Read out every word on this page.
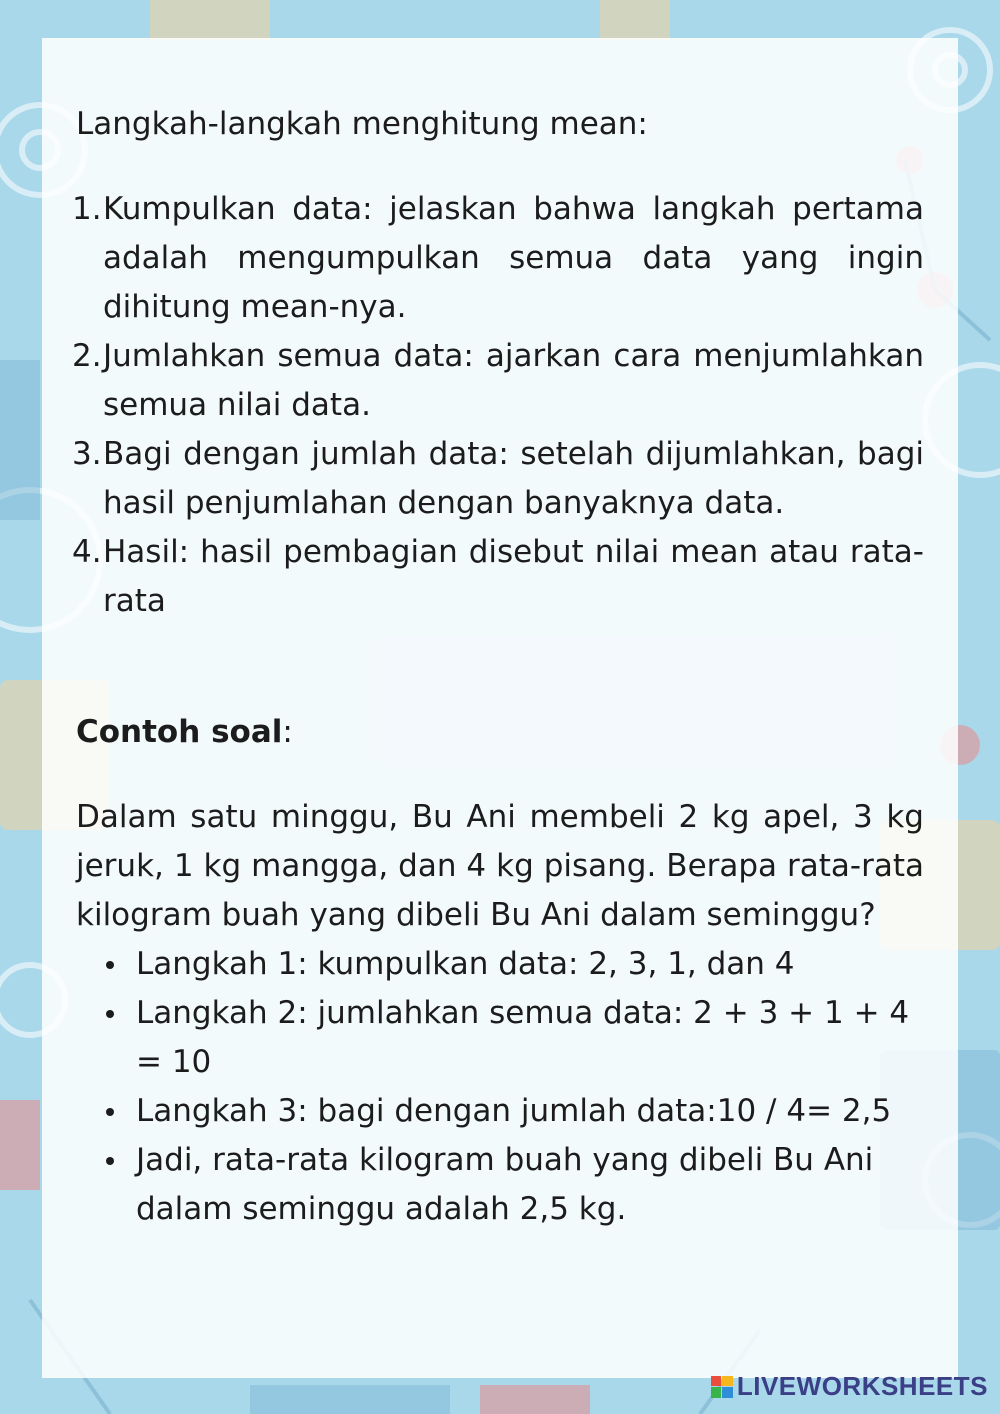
Langkah-langkah menghitung mean:
1. Kumpulkan data: jelaskan bahwa langkah pertama adalah mengumpulkan semua data yang ingin dihitung mean-nya.
2. Jumlahkan semua data: ajarkan cara menjumlahkan semua nilai data.
3. Bagi dengan jumlah data: setelah dijumlahkan, bagi hasil penjumlahan dengan banyaknya data.
4. Hasil: hasil pembagian disebut nilai mean atau rata-rata
Contoh soal:

Dalam satu minggu, Bu Ani membeli 2 kg apel, 3 kg jeruk, 1 kg mangga, dan 4 kg pisang. Berapa rata-rata kilogram buah yang dibeli Bu Ani dalam seminggu?

Langkah 1: kumpulkan data: 2, 3, 1, dan 4
Langkah 2: jumlahkan semua data: 2 + 3 + 1 + 4 = 10
Langkah 3: bagi dengan jumlah data:10 / 4= 2,5
Jadi, rata-rata kilogram buah yang dibeli Bu Ani dalam seminggu adalah 2,5 kg.
LIVEWORKSHEETS
